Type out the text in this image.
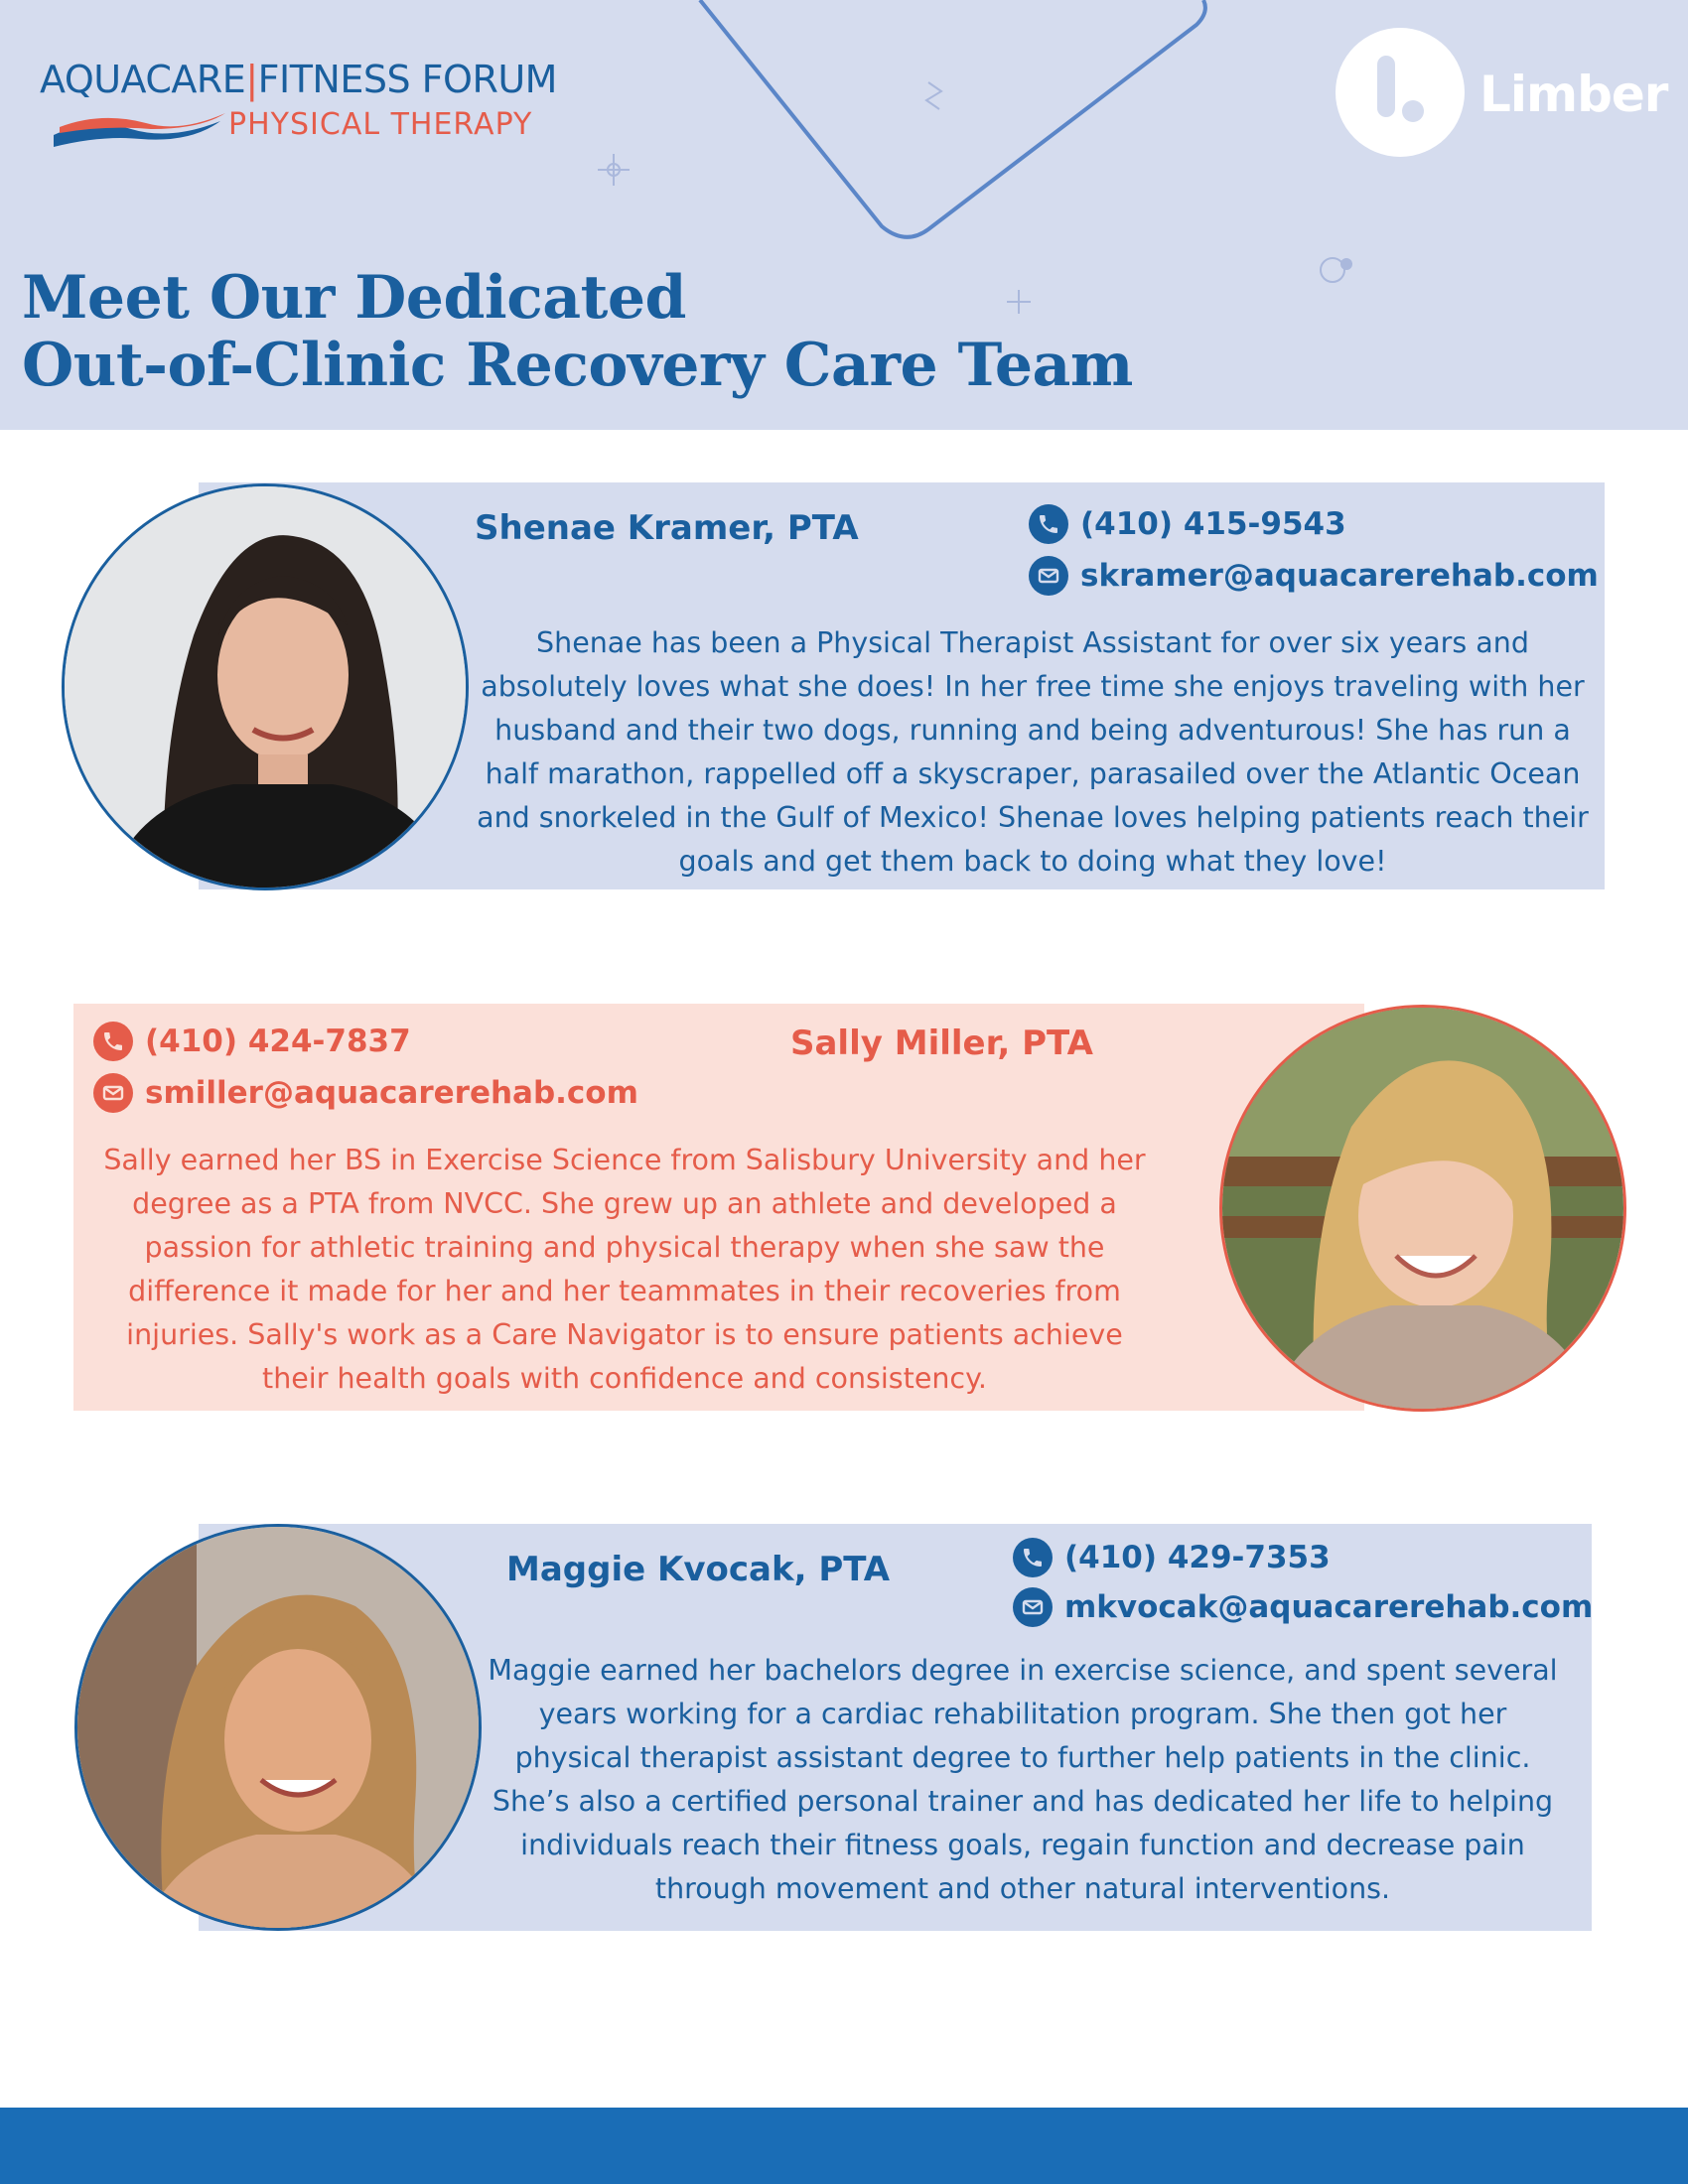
AQUACARE|FITNESS FORUM
PHYSICAL THERAPY
Limber
Meet Our Dedicated
Out-of-Clinic Recovery Care Team
Shenae Kramer, PTA	(410) 415-9543
skramer@aquacarerehab.com

Shenae has been a Physical Therapist Assistant for over six years and absolutely loves what she does! In her free time she enjoys traveling with her husband and their two dogs, running and being adventurous! She has run a half marathon, rappelled off a skyscraper, parasailed over the Atlantic Ocean and snorkeled in the Gulf of Mexico! Shenae loves helping patients reach their goals and get them back to doing what they love!

(410) 424-7837
smiller@aquacarerehab.com
Sally Miller, PTA

Sally earned her BS in Exercise Science from Salisbury University and her degree as a PTA from NVCC. She grew up an athlete and developed a passion for athletic training and physical therapy when she saw the difference it made for her and her teammates in their recoveries from injuries. Sally's work as a Care Navigator is to ensure patients achieve their health goals with confidence and consistency.

Maggie Kvocak, PTA	(410) 429-7353
mkvocak@aquacarerehab.com

Maggie earned her bachelors degree in exercise science, and spent several years working for a cardiac rehabilitation program. She then got her physical therapist assistant degree to further help patients in the clinic. She’s also a certified personal trainer and has dedicated her life to helping individuals reach their fitness goals, regain function and decrease pain through movement and other natural interventions.
